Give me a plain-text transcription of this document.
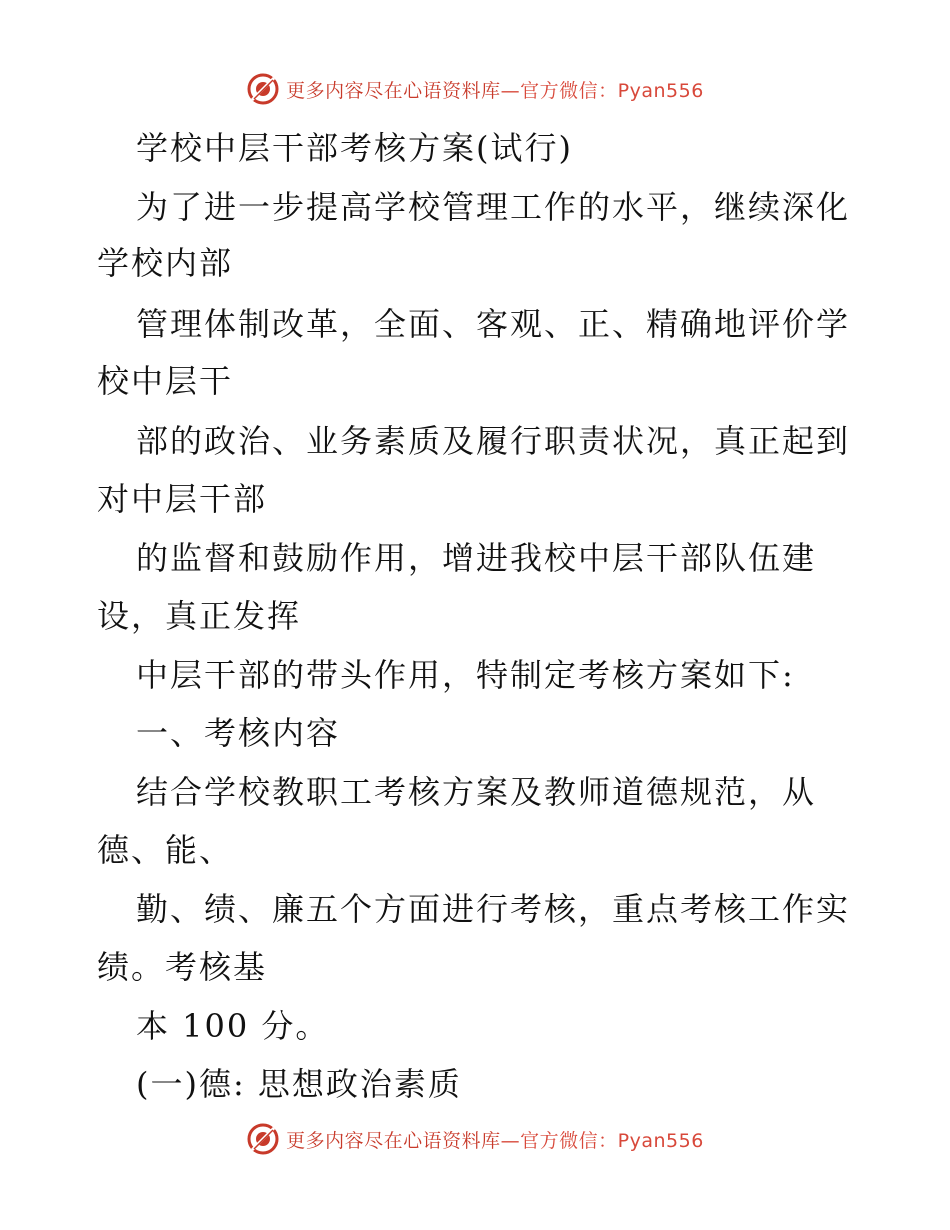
更多内容尽在心语资料库—官方微信：Pyan556
学校中层干部考核方案(试行)
为了进一步提高学校管理工作的水平，继续深化
学校内部
管理体制改革，全面、客观、正、精确地评价学
校中层干
部的政治、业务素质及履行职责状况，真正起到
对中层干部
的监督和鼓励作用，增进我校中层干部队伍建
设，真正发挥
中层干部的带头作用，特制定考核方案如下:
一、考核内容
结合学校教职工考核方案及教师道德规范，从
德、能、
勤、绩、廉五个方面进行考核，重点考核工作实
绩。考核基
本 100 分。
(一)德: 思想政治素质
更多内容尽在心语资料库—官方微信：Pyan556
